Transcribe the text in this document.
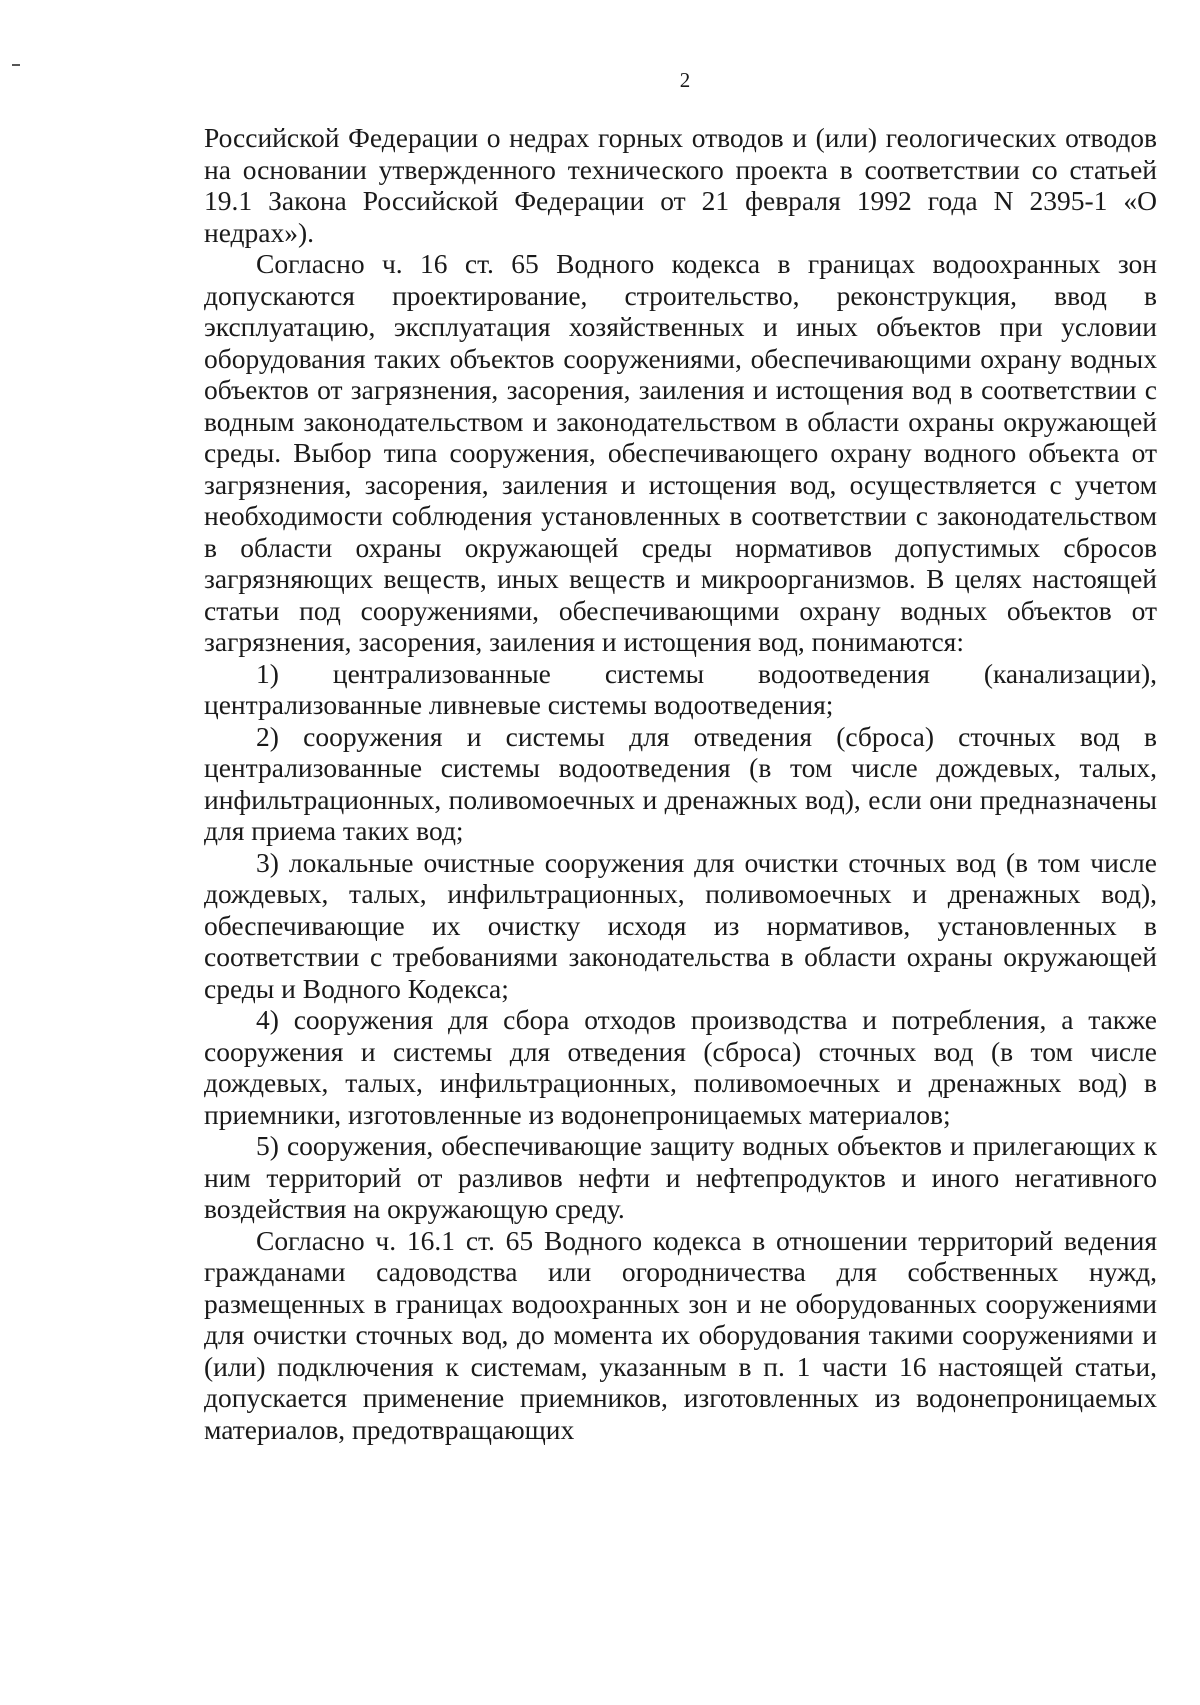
2

Российской Федерации о недрах горных отводов и (или) геологических отводов на основании утвержденного технического проекта в соответствии со статьей 19.1 Закона Российской Федерации от 21 февраля 1992 года N 2395-1 «О недрах»).

Согласно ч. 16 ст. 65 Водного кодекса в границах водоохранных зон допускаются проектирование, строительство, реконструкция, ввод в эксплуатацию, эксплуатация хозяйственных и иных объектов при условии оборудования таких объектов сооружениями, обеспечивающими охрану водных объектов от загрязнения, засорения, заиления и истощения вод в соответствии с водным законодательством и законодательством в области охраны окружающей среды. Выбор типа сооружения, обеспечивающего охрану водного объекта от загрязнения, засорения, заиления и истощения вод, осуществляется с учетом необходимости соблюдения установленных в соответствии с законодательством в области охраны окружающей среды нормативов допустимых сбросов загрязняющих веществ, иных веществ и микроорганизмов. В целях настоящей статьи под сооружениями, обеспечивающими охрану водных объектов от загрязнения, засорения, заиления и истощения вод, понимаются:

1) централизованные системы водоотведения (канализации), централизованные ливневые системы водоотведения;

2) сооружения и системы для отведения (сброса) сточных вод в централизованные системы водоотведения (в том числе дождевых, талых, инфильтрационных, поливомоечных и дренажных вод), если они предназначены для приема таких вод;

3) локальные очистные сооружения для очистки сточных вод (в том числе дождевых, талых, инфильтрационных, поливомоечных и дренажных вод), обеспечивающие их очистку исходя из нормативов, установленных в соответствии с требованиями законодательства в области охраны окружающей среды и Водного Кодекса;

4) сооружения для сбора отходов производства и потребления, а также сооружения и системы для отведения (сброса) сточных вод (в том числе дождевых, талых, инфильтрационных, поливомоечных и дренажных вод) в приемники, изготовленные из водонепроницаемых материалов;

5) сооружения, обеспечивающие защиту водных объектов и прилегающих к ним территорий от разливов нефти и нефтепродуктов и иного негативного воздействия на окружающую среду.

Согласно ч. 16.1 ст. 65 Водного кодекса в отношении территорий ведения гражданами садоводства или огородничества для собственных нужд, размещенных в границах водоохранных зон и не оборудованных сооружениями для очистки сточных вод, до момента их оборудования такими сооружениями и (или) подключения к системам, указанным в п. 1 части 16 настоящей статьи, допускается применение приемников, изготовленных из водонепроницаемых материалов, предотвращающих
